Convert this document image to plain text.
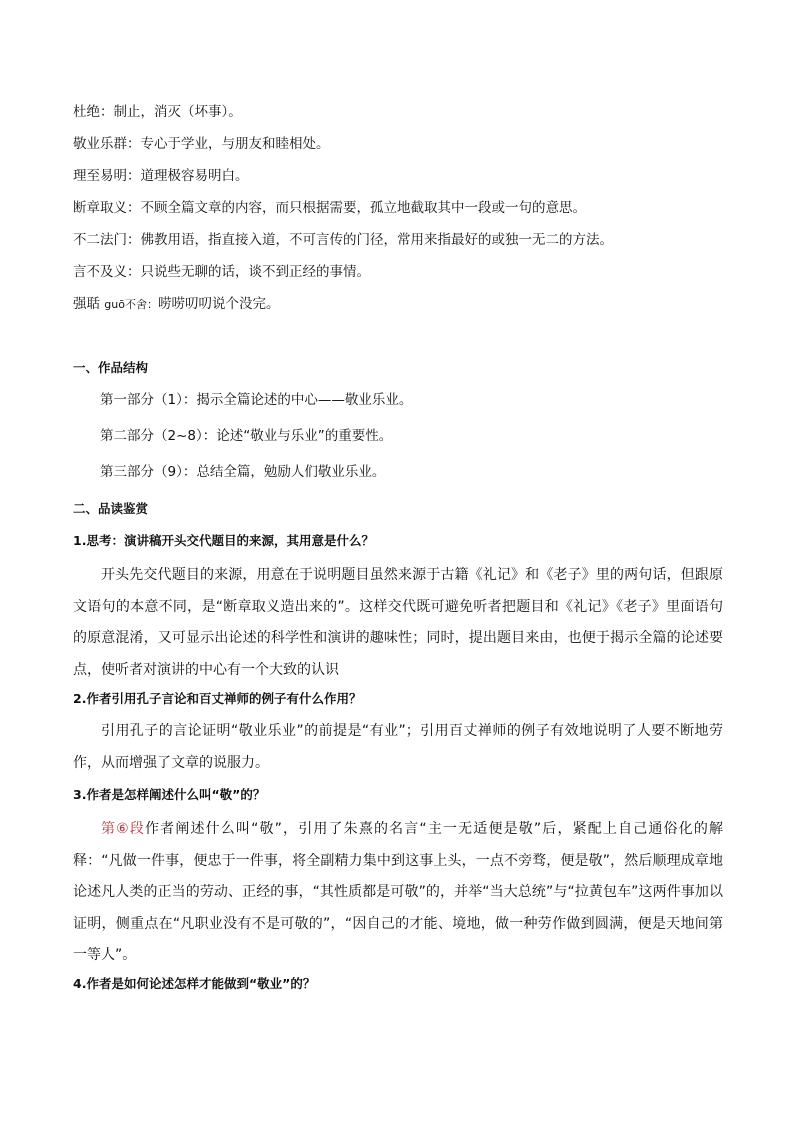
杜绝：制止，消灭（坏事）。
敬业乐群：专心于学业，与朋友和睦相处。
理至易明：道理极容易明白。
断章取义：不顾全篇文章的内容，而只根据需要，孤立地截取其中一段或一句的意思。
不二法门：佛教用语，指直接入道，不可言传的门径，常用来指最好的或独一无二的方法。
言不及义：只说些无聊的话，谈不到正经的事情。
强聒 guō不舍：唠唠叨叨说个没完。
一、作品结构
第一部分（1）：揭示全篇论述的中心——敬业乐业。
第二部分（2~8）：论述“敬业与乐业”的重要性。
第三部分（9）：总结全篇，勉励人们敬业乐业。
二、品读鉴赏
1.思考：演讲稿开头交代题目的来源，其用意是什么？
开头先交代题目的来源，用意在于说明题目虽然来源于古籍《礼记》和《老子》里的两句话，但跟原文语句的本意不同，是“断章取义造出来的”。这样交代既可避免听者把题目和《礼记》《老子》里面语句的原意混淆，又可显示出论述的科学性和演讲的趣味性；同时，提出题目来由，也便于揭示全篇的论述要点，使听者对演讲的中心有一个大致的认识
2.作者引用孔子言论和百丈禅师的例子有什么作用？
引用孔子的言论证明“敬业乐业”的前提是“有业”；引用百丈禅师的例子有效地说明了人要不断地劳作，从而增强了文章的说服力。
3.作者是怎样阐述什么叫“敬”的？
第⑥段作者阐述什么叫“敬”，引用了朱熹的名言“主一无适便是敬”后，紧配上自己通俗化的解释：“凡做一件事，便忠于一件事，将全副精力集中到这事上头，一点不旁骛，便是敬”，然后顺理成章地论述凡人类的正当的劳动、正经的事，“其性质都是可敬”的，并举“当大总统”与“拉黄包车”这两件事加以证明，侧重点在“凡职业没有不是可敬的”，“因自己的才能、境地，做一种劳作做到圆满，便是天地间第一等人”。
4.作者是如何论述怎样才能做到“敬业”的？
